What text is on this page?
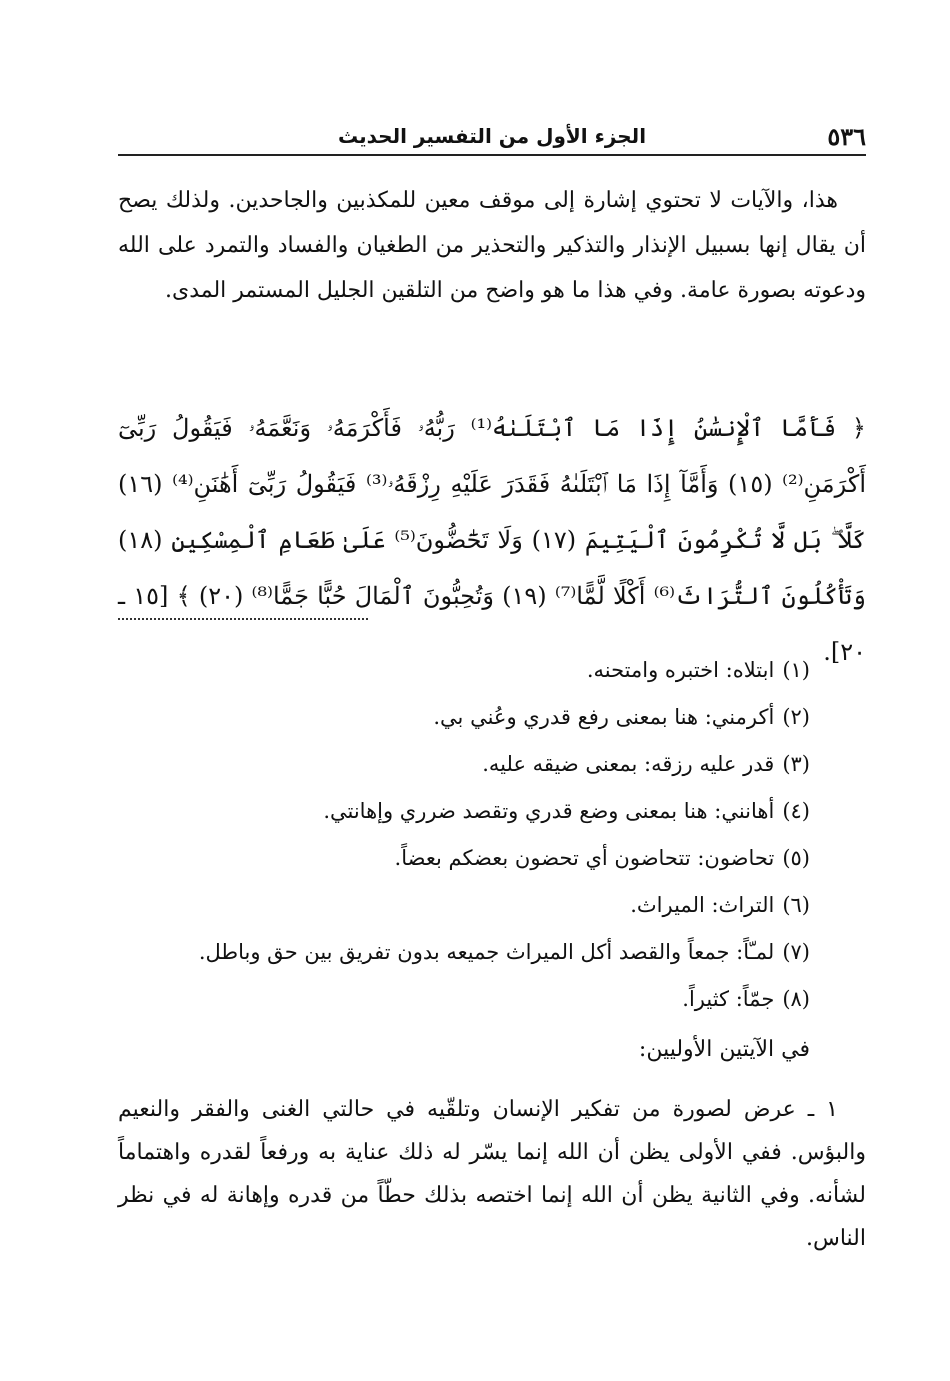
٥٣٦
الجزء الأول من التفسير الحديث

هذا، والآيات لا تحتوي إشارة إلى موقف معين للمكذبين والجاحدين. ولذلك يصح أن يقال إنها بسبيل الإنذار والتذكير والتحذير من الطغيان والفساد والتمرد على الله ودعوته بصورة عامة. وفي هذا ما هو واضح من التلقين الجليل المستمر المدى.

﴿ فَأَمَّا ٱلْإِنسَٰنُ إِذَا مَا ٱبْتَلَىٰهُ⁽¹⁾ رَبُّهُۥ فَأَكْرَمَهُۥ وَنَعَّمَهُۥ فَيَقُولُ رَبِّىٓ أَكْرَمَنِ⁽²⁾ (١٥) وَأَمَّآ إِذَا مَا ٱبْتَلَىٰهُ فَقَدَرَ عَلَيْهِ رِزْقَهُۥ⁽³⁾ فَيَقُولُ رَبِّىٓ أَهَٰنَنِ⁽⁴⁾ (١٦) كَلَّا ۖ بَل لَّا تُكْرِمُونَ ٱلْيَتِيمَ (١٧) وَلَا تَحَٰٓضُّونَ⁽⁵⁾ عَلَىٰ طَعَامِ ٱلْمِسْكِينِ (١٨) وَتَأْكُلُونَ ٱلتُّرَاثَ⁽⁶⁾ أَكْلًا لَّمًّا⁽⁷⁾ (١٩) وَتُحِبُّونَ ٱلْمَالَ حُبًّا جَمًّا⁽⁸⁾ (٢٠) ﴾ [١٥ ـ ٢٠].

(١)ابتلاه: اختبره وامتحنه.
(٢)أكرمني: هنا بمعنى رفع قدري وعُني بي.
(٣)قدر عليه رزقه: بمعنى ضيقه عليه.
(٤)أهانني: هنا بمعنى وضع قدري وتقصد ضرري وإهانتي.
(٥)تحاضون: تتحاضون أي تحضون بعضكم بعضاً.
(٦)التراث: الميراث.
(٧)لمـّاً: جمعاً والقصد أكل الميراث جميعه بدون تفريق بين حق وباطل.
(٨)جمّاً: كثيراً.
في الآيتين الأوليين:

١ ـ عرض لصورة من تفكير الإنسان وتلقّيه في حالتي الغنى والفقر والنعيم والبؤس. ففي الأولى يظن أن الله إنما يسّر له ذلك عناية به ورفعاً لقدره واهتماماً لشأنه. وفي الثانية يظن أن الله إنما اختصه بذلك حطّاً من قدره وإهانة له في نظر الناس.
